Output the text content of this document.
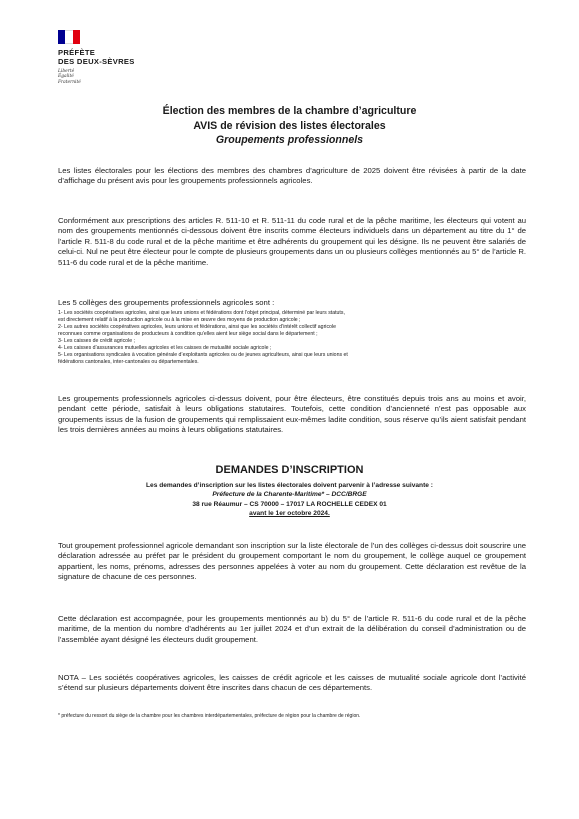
PRÉFÈTE
DES DEUX-SÈVRES
Liberté
Égalité
Fraternité
Élection des membres de la chambre d’agriculture
AVIS de révision des listes électorales
Groupements professionnels
Les listes électorales pour les élections des membres des chambres d’agriculture de 2025 doivent être révisées à partir de la date d’affichage du présent avis pour les groupements professionnels agricoles.
Conformément aux prescriptions des articles R. 511-10 et R. 511-11 du code rural et de la pêche maritime, les électeurs qui votent au nom des groupements mentionnés ci-dessous doivent être inscrits comme électeurs individuels dans un département au titre du 1° de l’article R. 511-8 du code rural et de la pêche maritime et être adhérents du groupement qui les désigne. Ils ne peuvent être salariés de celui-ci. Nul ne peut être électeur pour le compte de plusieurs groupements dans un ou plusieurs collèges mentionnés au 5° de l’article R. 511-6 du code rural et de la pêche maritime.
Les 5 collèges des groupements professionnels agricoles sont :
1- Les sociétés coopératives agricoles, ainsi que leurs unions et fédérations dont l’objet principal, déterminé par leurs statuts,
est directement relatif à la production agricole ou à la mise en œuvre des moyens de production agricole ;
2- Les autres sociétés coopératives agricoles, leurs unions et fédérations, ainsi que les sociétés d’intérêt collectif agricole
reconnues comme organisations de producteurs à condition qu’elles aient leur siège social dans le département ;
3- Les caisses de crédit agricole ;
4- Les caisses d’assurances mutuelles agricoles et les caisses de mutualité sociale agricole ;
5- Les organisations syndicales à vocation générale d’exploitants agricoles ou de jeunes agriculteurs, ainsi que leurs unions et
fédérations cantonales, inter-cantonales ou départementales.
Les groupements professionnels agricoles ci-dessus doivent, pour être électeurs, être constitués depuis trois ans au moins et avoir, pendant cette période, satisfait à leurs obligations statutaires. Toutefois, cette condition d’ancienneté n’est pas opposable aux groupements issus de la fusion de groupements qui remplissaient eux-mêmes ladite condition, sous réserve qu’ils aient satisfait pendant les trois dernières années au moins à leurs obligations statutaires.
DEMANDES D’INSCRIPTION
Les demandes d’inscription sur les listes électorales doivent parvenir à l’adresse suivante :
Préfecture de la Charente-Maritime* – DCC/BRGE
38 rue Réaumur – CS 70000 – 17017 LA ROCHELLE CEDEX 01
avant le 1er octobre 2024.
Tout groupement professionnel agricole demandant son inscription sur la liste électorale de l’un des collèges ci-dessus doit souscrire une déclaration adressée au préfet par le président du groupement comportant le nom du groupement, le collège auquel ce groupement appartient, les noms, prénoms, adresses des personnes appelées à voter au nom du groupement. Cette déclaration est revêtue de la signature de chacune de ces personnes.
Cette déclaration est accompagnée, pour les groupements mentionnés au b) du 5° de l’article R. 511-6 du code rural et de la pêche maritime, de la mention du nombre d’adhérents au 1er juillet 2024 et d’un extrait de la délibération du conseil d’administration ou de l’assemblée ayant désigné les électeurs dudit groupement.
NOTA – Les sociétés coopératives agricoles, les caisses de crédit agricole et les caisses de mutualité sociale agricole dont l’activité s’étend sur plusieurs départements doivent être inscrites dans chacun de ces départements.
* préfecture du ressort du siège de la chambre pour les chambres interdépartementales, préfecture de région pour la chambre de région.
